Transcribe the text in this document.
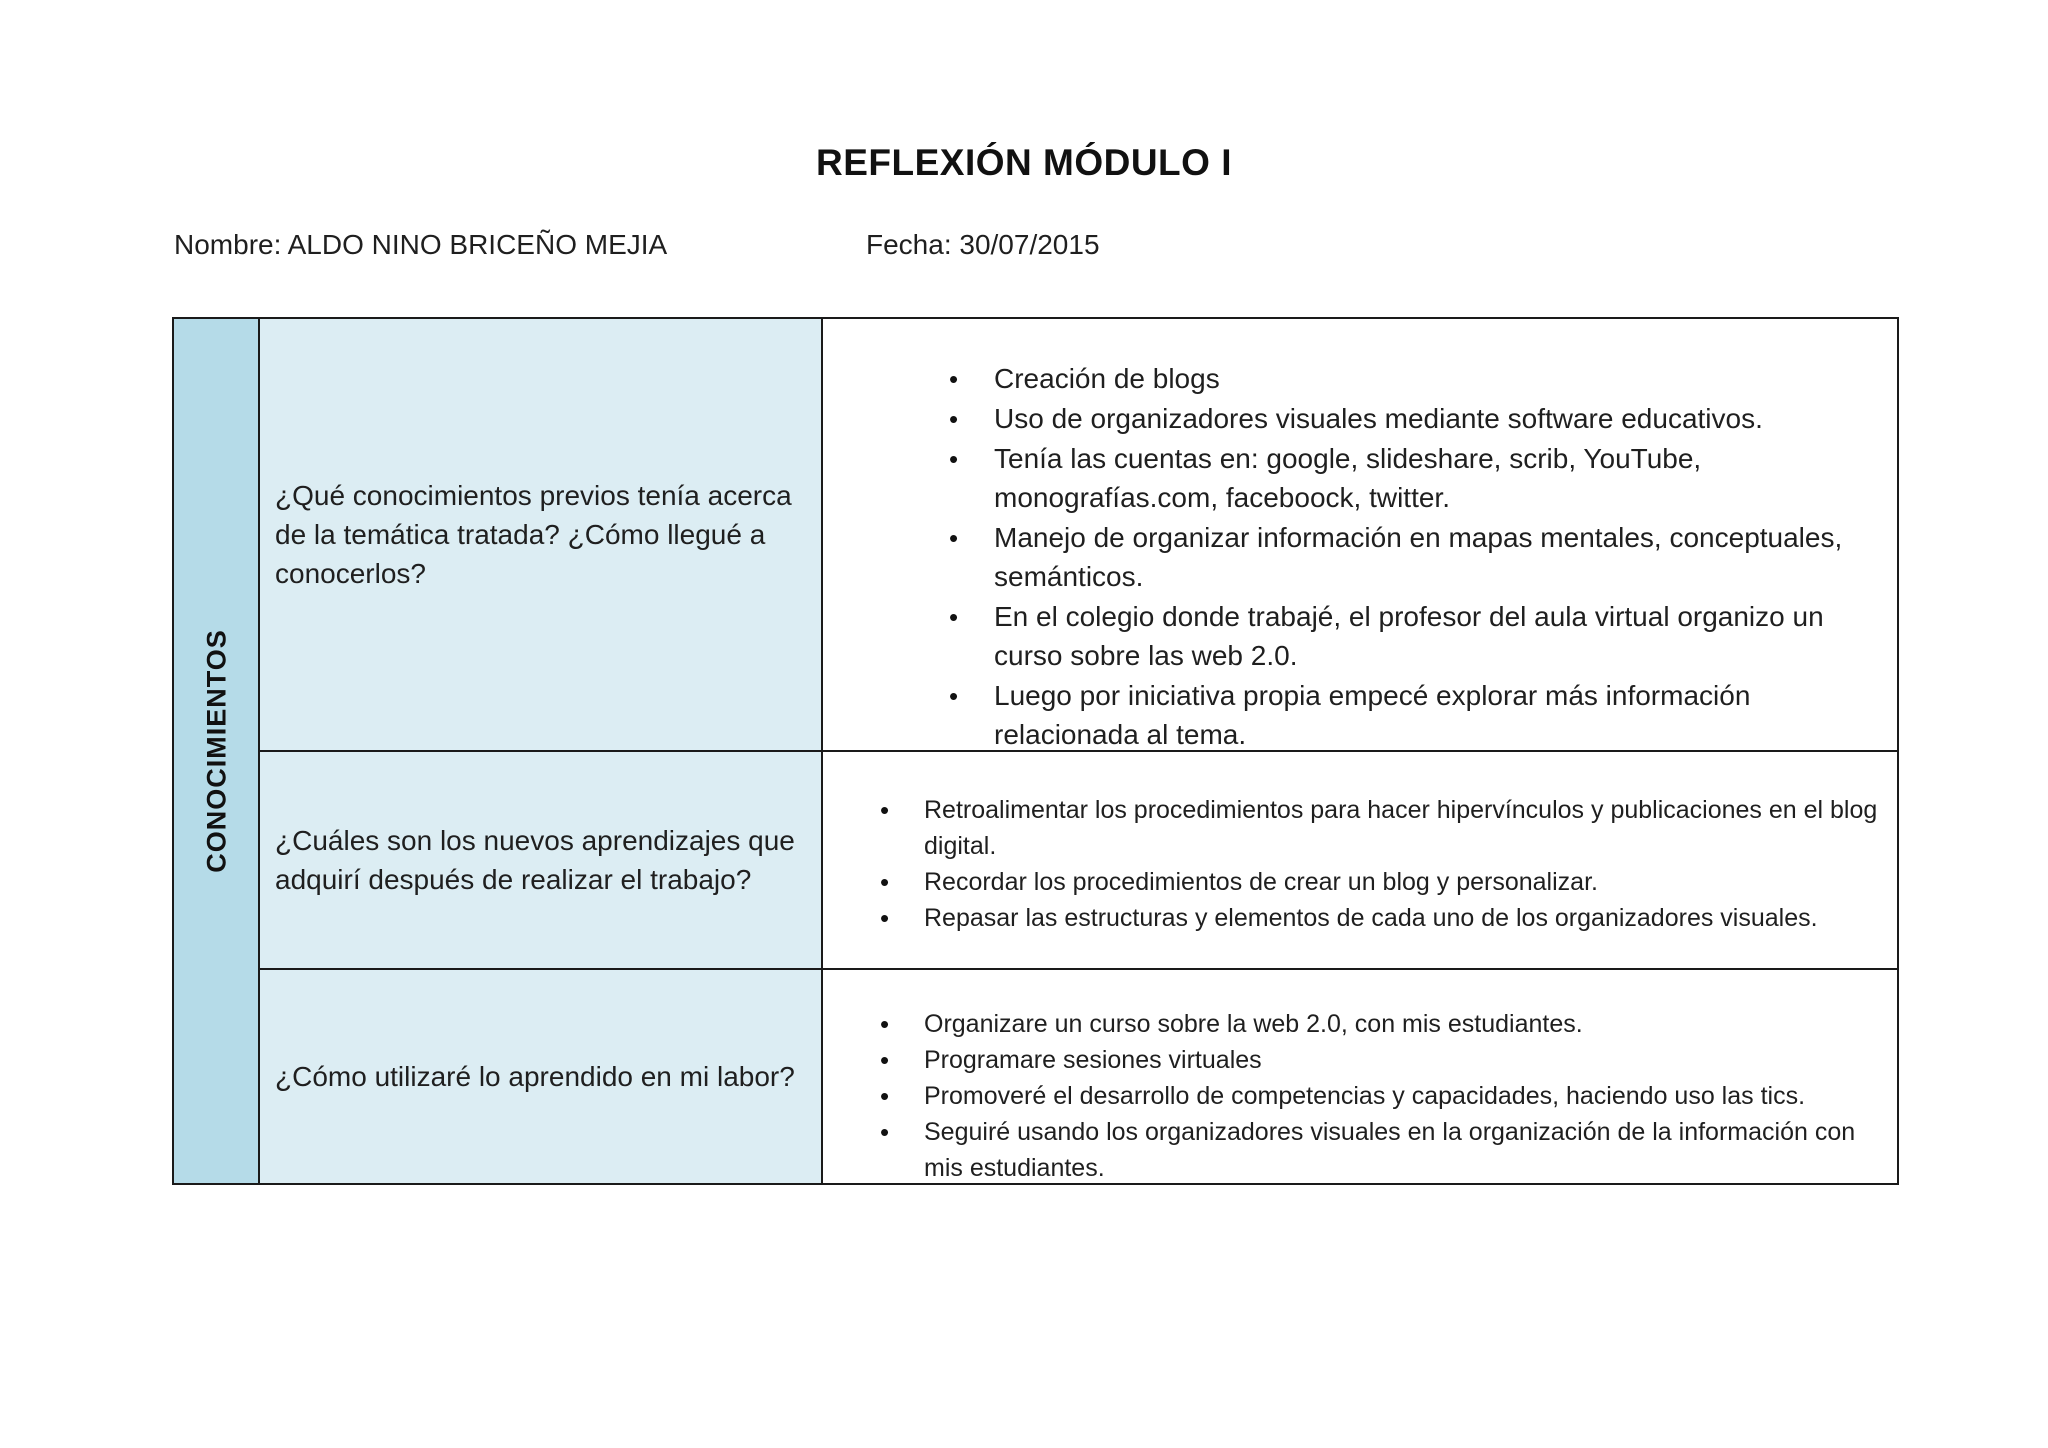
REFLEXIÓN MÓDULO I
Nombre: ALDO NINO BRICEÑO MEJIA	Fecha: 30/07/2015
CONOCIMIENTOS
¿Qué conocimientos previos tenía acerca de la temática tratada? ¿Cómo llegué a conocerlos?
• Creación de blogs
• Uso de organizadores visuales mediante software educativos.
• Tenía las cuentas en: google, slideshare, scrib, YouTube, monografías.com, faceboock, twitter.
• Manejo de organizar información en mapas mentales, conceptuales, semánticos.
• En el colegio donde trabajé, el profesor del aula virtual organizo un curso sobre las web 2.0.
• Luego por iniciativa propia empecé explorar más información relacionada al tema.
¿Cuáles son los nuevos aprendizajes que adquirí después de realizar el trabajo?
• Retroalimentar los procedimientos para hacer hipervínculos y publicaciones en el blog digital.
• Recordar los procedimientos de crear un blog y personalizar.
• Repasar las estructuras y elementos de cada uno de los organizadores visuales.
¿Cómo utilizaré lo aprendido en mi labor?
• Organizare un curso sobre la web 2.0, con mis estudiantes.
• Programare sesiones virtuales
• Promoveré el desarrollo de competencias y capacidades, haciendo uso las tics.
• Seguiré usando los organizadores visuales en la organización de la información con mis estudiantes.
